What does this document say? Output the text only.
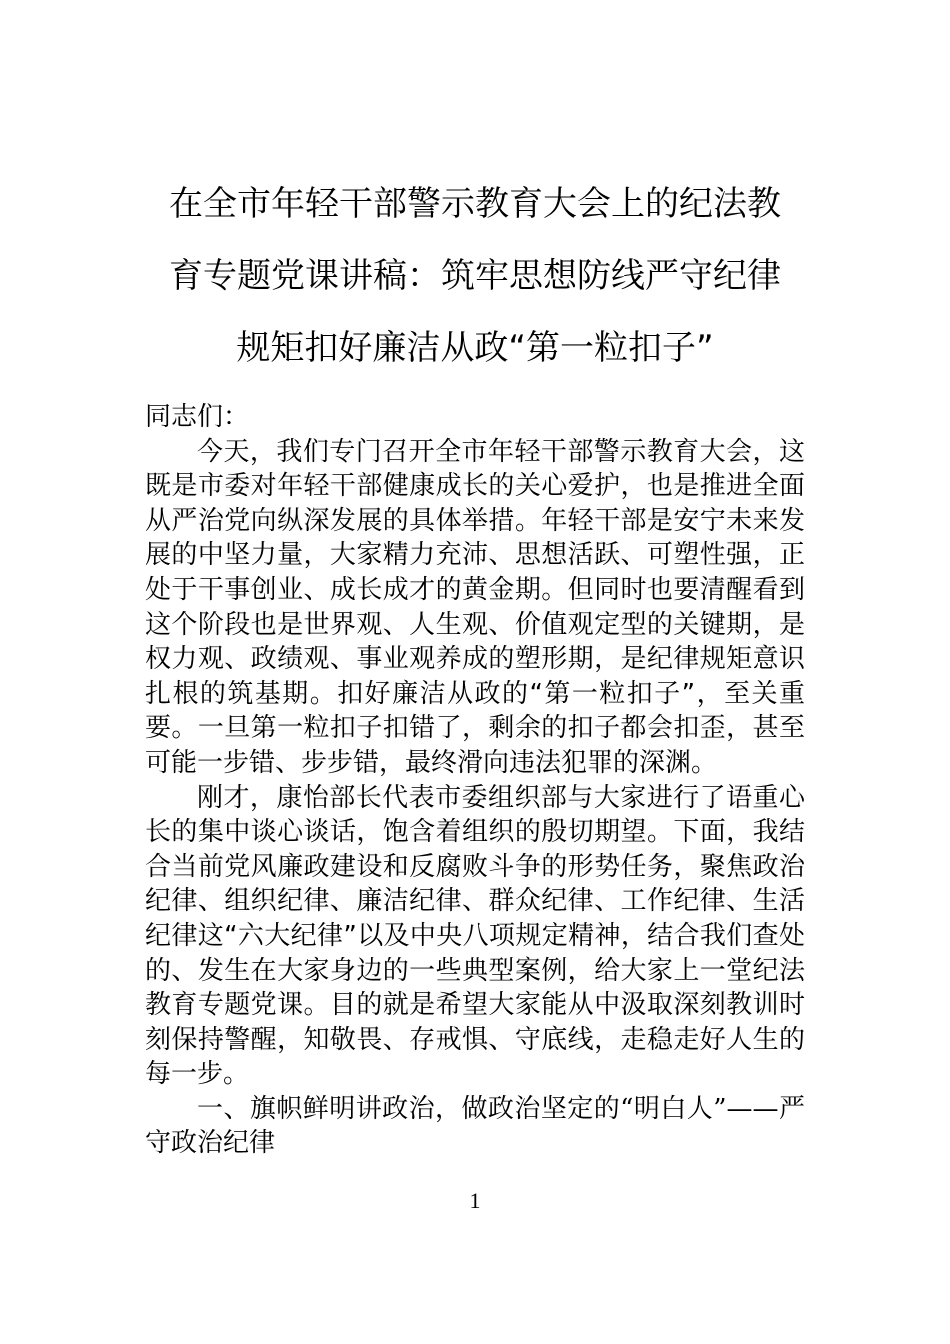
在全市年轻干部警示教育大会上的纪法教
育专题党课讲稿：筑牢思想防线严守纪律
规矩扣好廉洁从政“第一粒扣子”

同志们：

今天，我们专门召开全市年轻干部警示教育大会，这既是市委对年轻干部健康成长的关心爱护，也是推进全面从严治党向纵深发展的具体举措。年轻干部是安宁未来发展的中坚力量，大家精力充沛、思想活跃、可塑性强，正处于干事创业、成长成才的黄金期。但同时也要清醒看到这个阶段也是世界观、人生观、价值观定型的关键期，是权力观、政绩观、事业观养成的塑形期，是纪律规矩意识扎根的筑基期。扣好廉洁从政的“第一粒扣子”，至关重要。一旦第一粒扣子扣错了，剩余的扣子都会扣歪，甚至可能一步错、步步错，最终滑向违法犯罪的深渊。

刚才，康怡部长代表市委组织部与大家进行了语重心长的集中谈心谈话，饱含着组织的殷切期望。下面，我结合当前党风廉政建设和反腐败斗争的形势任务，聚焦政治纪律、组织纪律、廉洁纪律、群众纪律、工作纪律、生活纪律这“六大纪律”以及中央八项规定精神，结合我们查处的、发生在大家身边的一些典型案例，给大家上一堂纪法教育专题党课。目的就是希望大家能从中汲取深刻教训时刻保持警醒，知敬畏、存戒惧、守底线，走稳走好人生的每一步。

一、旗帜鲜明讲政治，做政治坚定的“明白人”——严守政治纪律

1
